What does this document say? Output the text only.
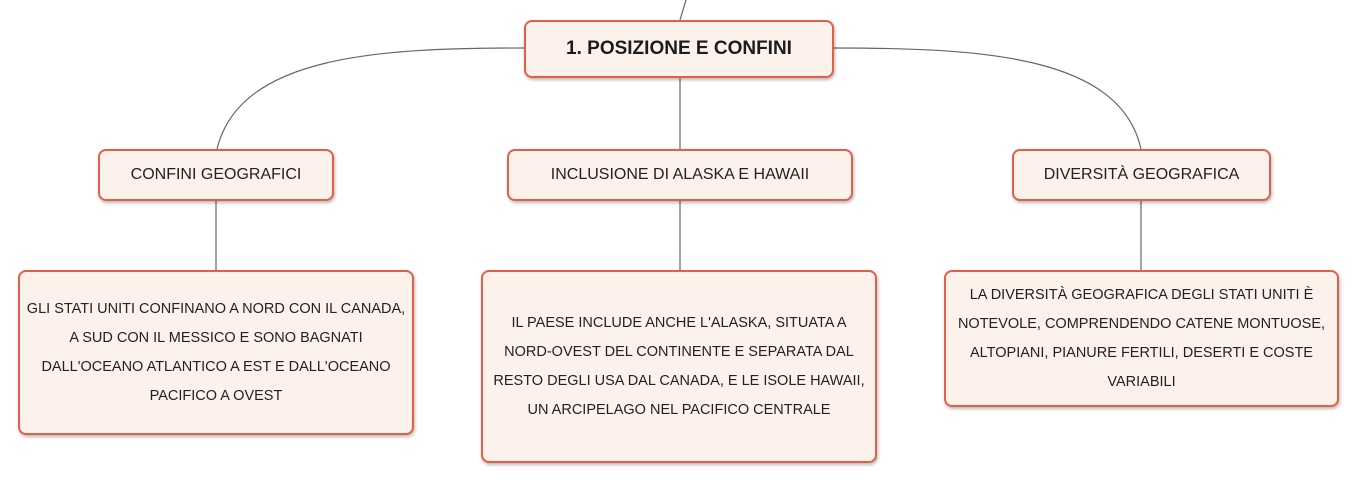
1. POSIZIONE E CONFINI
CONFINI GEOGRAFICI	INCLUSIONE DI ALASKA E HAWAII	DIVERSITÀ GEOGRAFICA
GLI STATI UNITI CONFINANO A NORD CON IL CANADA, A SUD CON IL MESSICO E SONO BAGNATI DALL'OCEANO ATLANTICO A EST E DALL'OCEANO PACIFICO A OVEST
IL PAESE INCLUDE ANCHE L'ALASKA, SITUATA A NORD-OVEST DEL CONTINENTE E SEPARATA DAL RESTO DEGLI USA DAL CANADA, E LE ISOLE HAWAII, UN ARCIPELAGO NEL PACIFICO CENTRALE
LA DIVERSITÀ GEOGRAFICA DEGLI STATI UNITI È NOTEVOLE, COMPRENDENDO CATENE MONTUOSE, ALTOPIANI, PIANURE FERTILI, DESERTI E COSTE VARIABILI
